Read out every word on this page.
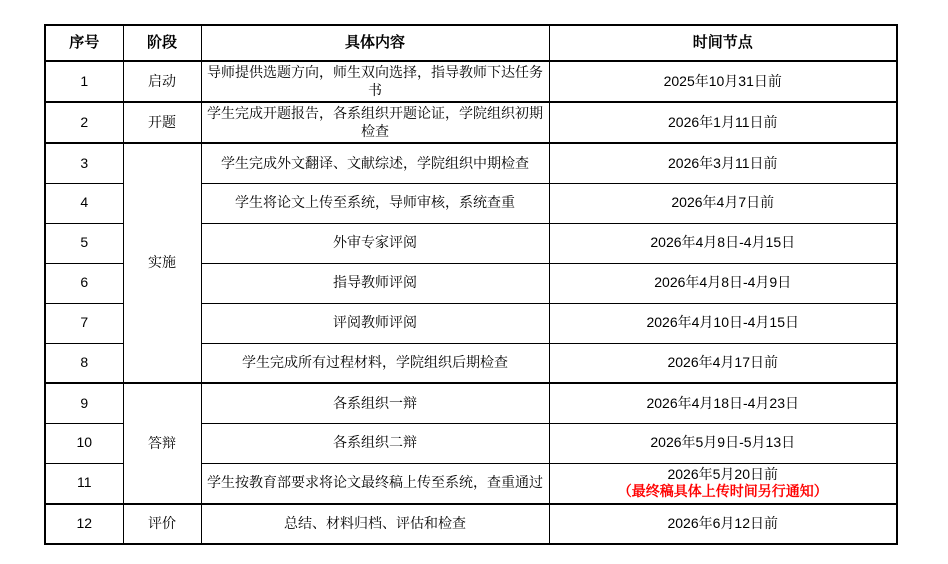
序号	阶段	具体内容	时间节点
1	启动	导师提供选题方向，师生双向选择，指导教师下达任务书	2025年10月31日前
2	开题	学生完成开题报告，各系组织开题论证，学院组织初期检查	2026年1月11日前
3	实施	学生完成外文翻译、文献综述，学院组织中期检查	2026年3月11日前
4		学生将论文上传至系统，导师审核，系统查重	2026年4月7日前
5		外审专家评阅	2026年4月8日-4月15日
6		指导教师评阅	2026年4月8日-4月9日
7		评阅教师评阅	2026年4月10日-4月15日
8		学生完成所有过程材料，学院组织后期检查	2026年4月17日前
9	答辩	各系组织一辩	2026年4月18日-4月23日
10		各系组织二辩	2026年5月9日-5月13日
11		学生按教育部要求将论文最终稿上传至系统，查重通过	2026年5月20日前
（最终稿具体上传时间另行通知）

12	评价	总结、材料归档、评估和检查	2026年6月12日前
